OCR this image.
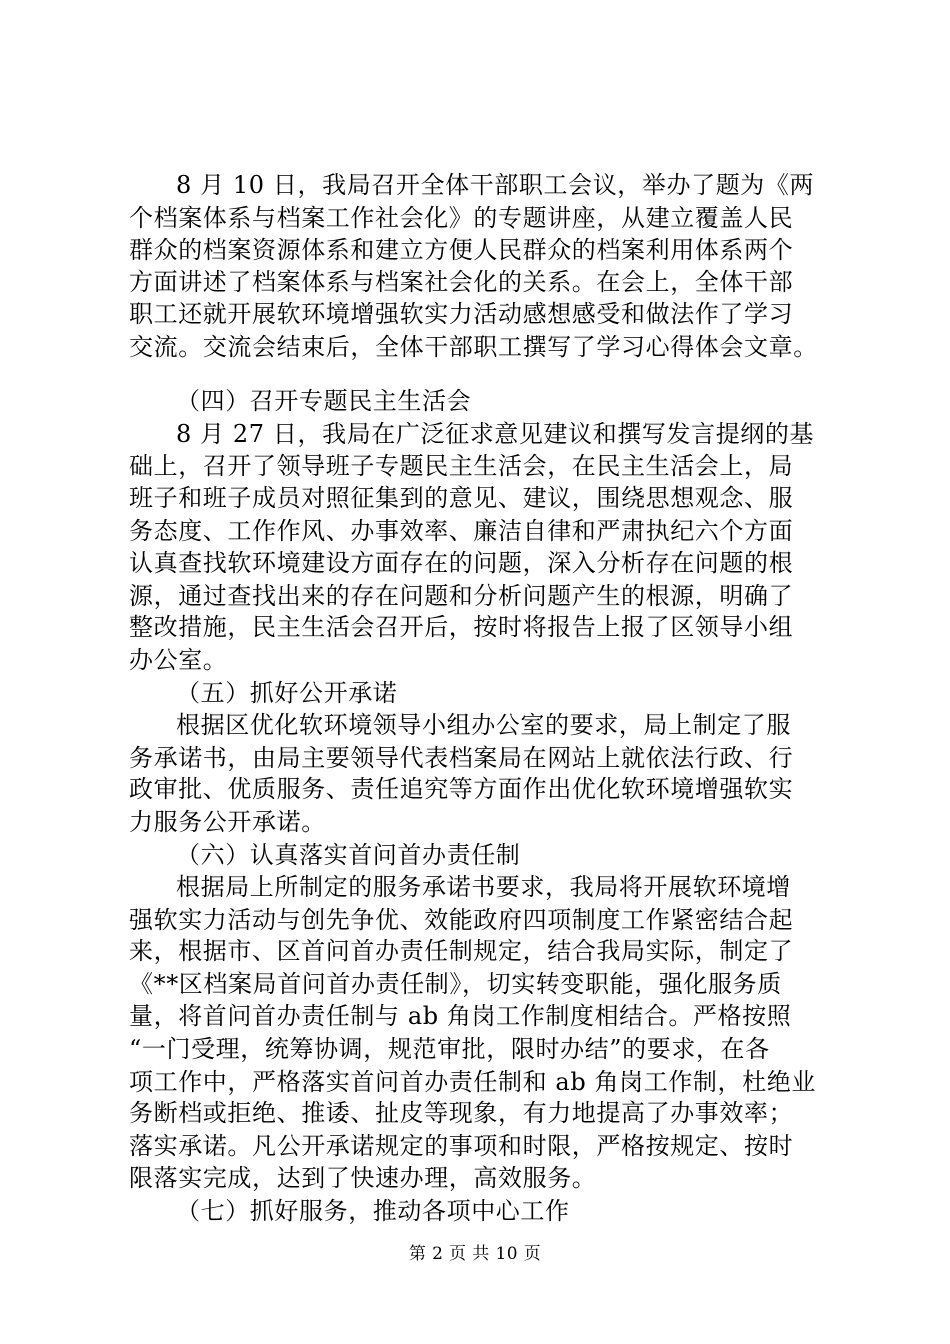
8 月 10 日，我局召开全体干部职工会议，举办了题为《两
个档案体系与档案工作社会化》的专题讲座，从建立覆盖人民
群众的档案资源体系和建立方便人民群众的档案利用体系两个
方面讲述了档案体系与档案社会化的关系。在会上，全体干部
职工还就开展软环境增强软实力活动感想感受和做法作了学习
交流。交流会结束后，全体干部职工撰写了学习心得体会文章。
（四）召开专题民主生活会
8 月 27 日，我局在广泛征求意见建议和撰写发言提纲的基
础上，召开了领导班子专题民主生活会，在民主生活会上，局
班子和班子成员对照征集到的意见、建议，围绕思想观念、服
务态度、工作作风、办事效率、廉洁自律和严肃执纪六个方面
认真查找软环境建设方面存在的问题，深入分析存在问题的根
源，通过查找出来的存在问题和分析问题产生的根源，明确了
整改措施，民主生活会召开后，按时将报告上报了区领导小组
办公室。
（五）抓好公开承诺
根据区优化软环境领导小组办公室的要求，局上制定了服
务承诺书，由局主要领导代表档案局在网站上就依法行政、行
政审批、优质服务、责任追究等方面作出优化软环境增强软实
力服务公开承诺。
（六）认真落实首问首办责任制
根据局上所制定的服务承诺书要求，我局将开展软环境增
强软实力活动与创先争优、效能政府四项制度工作紧密结合起
来，根据市、区首问首办责任制规定，结合我局实际，制定了
《**区档案局首问首办责任制》，切实转变职能，强化服务质
量，将首问首办责任制与 ab 角岗工作制度相结合。严格按照
“一门受理，统筹协调，规范审批，限时办结”的要求，在各
项工作中，严格落实首问首办责任制和 ab 角岗工作制，杜绝业
务断档或拒绝、推诿、扯皮等现象，有力地提高了办事效率；
落实承诺。凡公开承诺规定的事项和时限，严格按规定、按时
限落实完成，达到了快速办理，高效服务。
（七）抓好服务，推动各项中心工作
第 2 页 共 10 页
